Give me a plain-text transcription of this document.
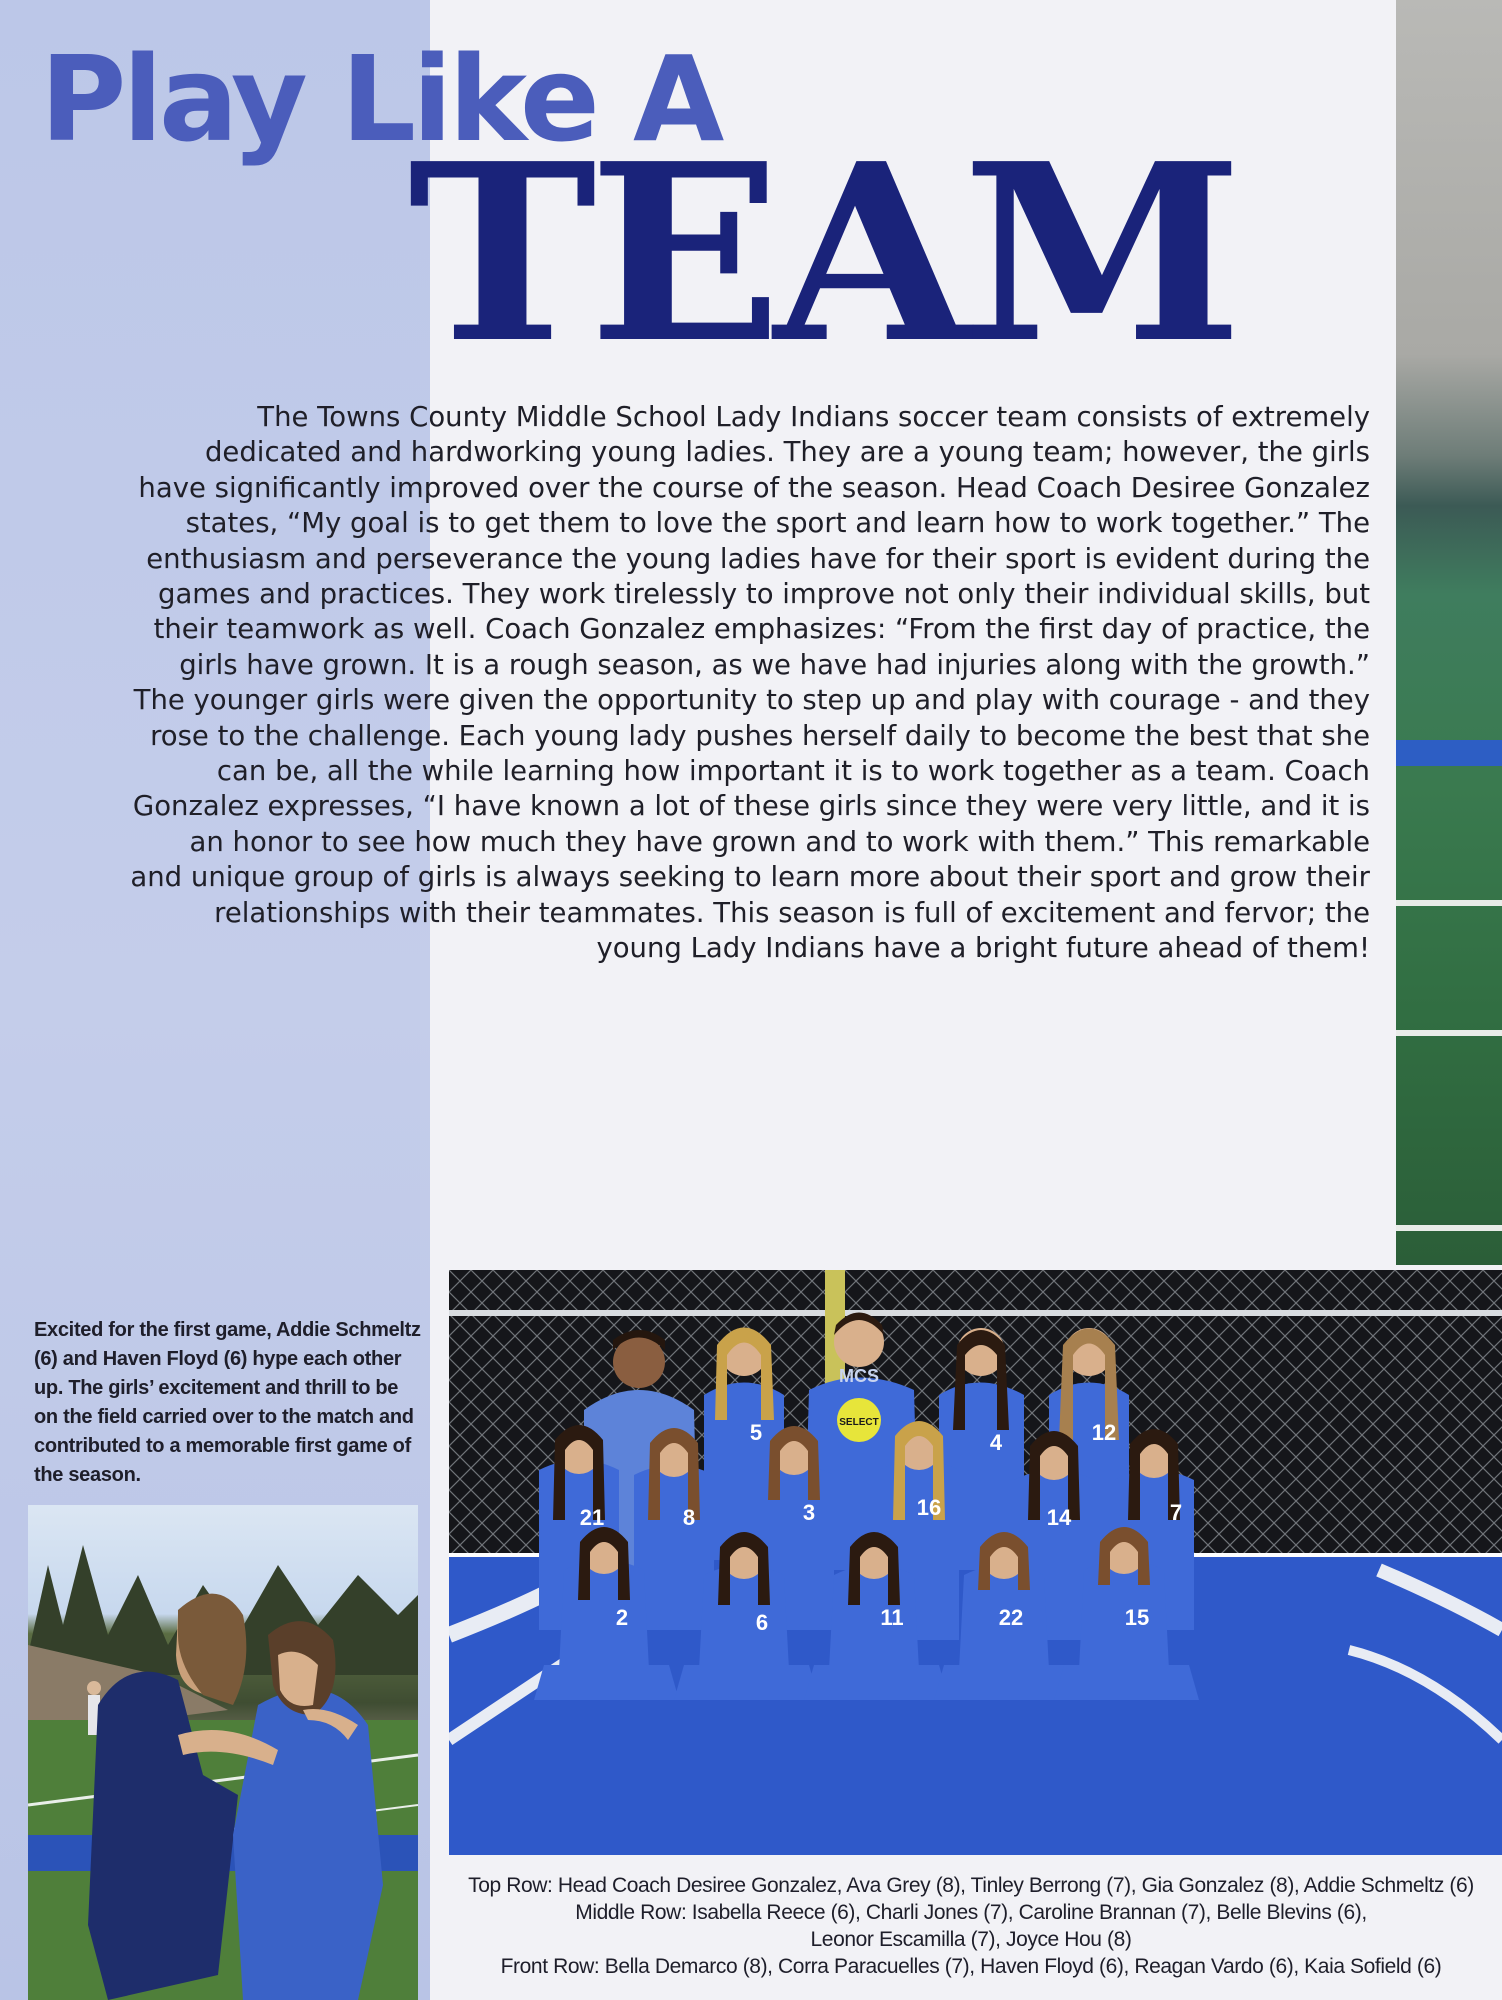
Play Like A
TEAM

The Towns County Middle School Lady Indians soccer team consists of extremely dedicated and hardworking young ladies. They are a young team; however, the girls have significantly improved over the course of the season. Head Coach Desiree Gonzalez states, “My goal is to get them to love the sport and learn how to work together.” The enthusiasm and perseverance the young ladies have for their sport is evident during the games and practices. They work tirelessly to improve not only their individual skills, but their teamwork as well. Coach Gonzalez emphasizes: “From the first day of practice, the girls have grown. It is a rough season, as we have had injuries along with the growth.” The younger girls were given the opportunity to step up and play with courage - and they rose to the challenge. Each young lady pushes herself daily to become the best that she can be, all the while learning how important it is to work together as a team. Coach Gonzalez expresses, “I have known a lot of these girls since they were very little, and it is an honor to see how much they have grown and to work with them.” This remarkable and unique group of girls is always seeking to learn more about their sport and grow their relationships with their teammates. This season is full of excitement and fervor; the young Lady Indians have a bright future ahead of them!

Excited for the first game, Addie Schmeltz (6) and Haven Floyd (6) hype each other up. The girls’ excitement and thrill to be on the field carried over to the match and contributed to a memorable first game of the season.

SELECT
MCS
5	4	12
21	8	3	16	14	7
2	6	11	22	15

Top Row: Head Coach Desiree Gonzalez, Ava Grey (8), Tinley Berrong (7), Gia Gonzalez (8), Addie Schmeltz (6)
Middle Row: Isabella Reece (6), Charli Jones (7), Caroline Brannan (7), Belle Blevins (6),
Leonor Escamilla (7), Joyce Hou (8)
Front Row: Bella Demarco (8), Corra Paracuelles (7), Haven Floyd (6), Reagan Vardo (6), Kaia Sofield (6)
